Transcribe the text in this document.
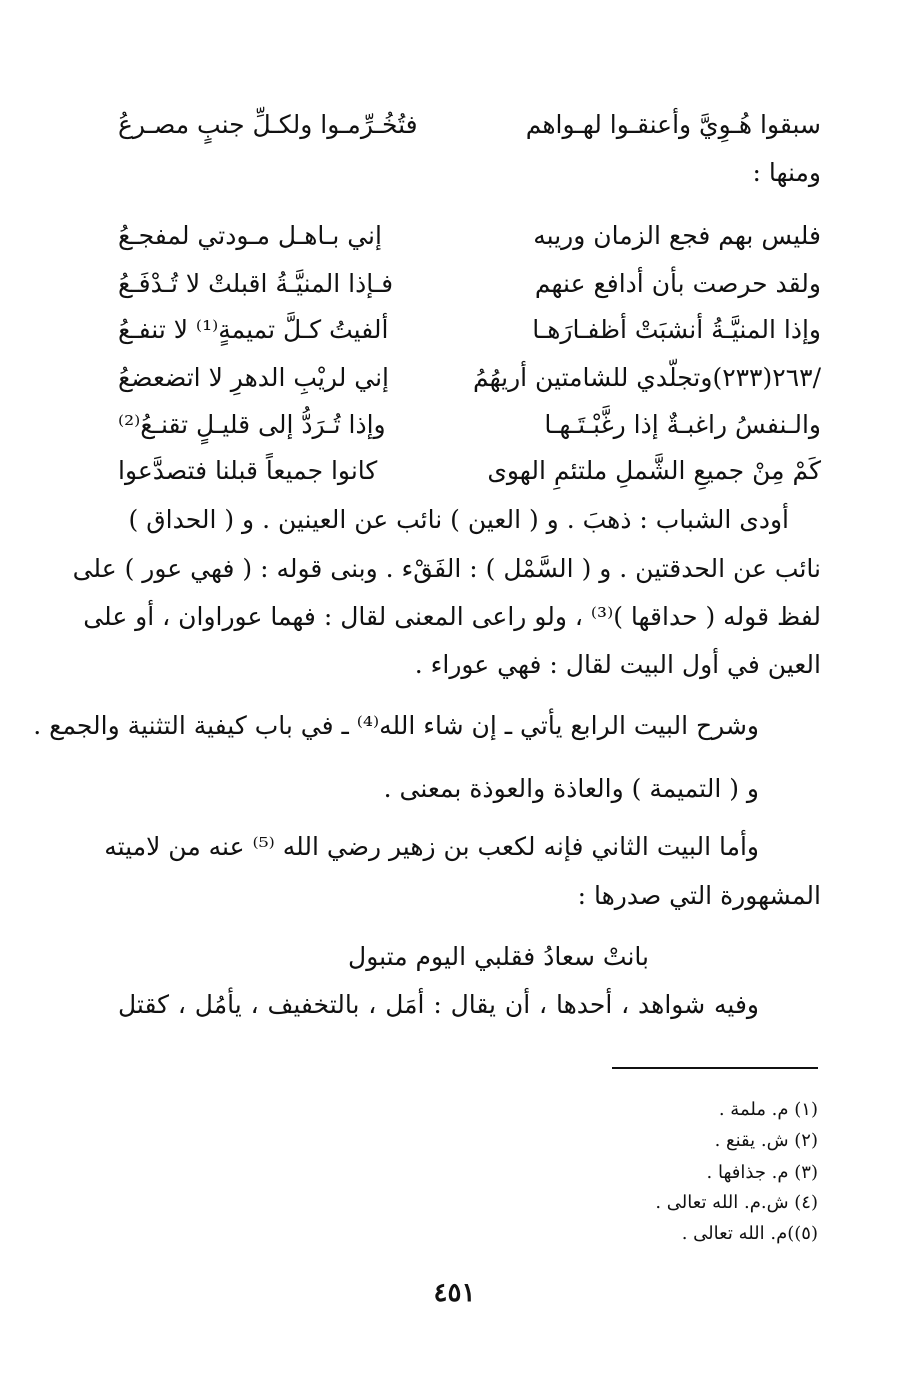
سبقوا هُـوِيَّ وأعنقـوا لهـواهم
فتُخُـرِّمـوا ولكـلِّ جنبٍ مصـرعُ
ومنها :
فليس بهم فجع الزمان وريبه
إني بـاهـل مـودتي لمفجـعُ
ولقد حرصت بأن أدافع عنهم
فـإذا المنيَّـةُ اقبلتْ لا تُـدْفَـعُ
وإذا المنيَّـةُ أنشبَتْ أظفـارَهـا
ألفيتُ كـلَّ تميمةٍ⁽¹⁾ لا تنفـعُ
/٢٦٣(٢٣٣)وتجلّدي للشامتين أريهُمُ
إني لريْبِ الدهرِ لا اتضعضعُ
والـنفسُ راغبـةٌ إذا رغَّبْـتَـهـا
وإذا تُـرَدُّ إلى قليـلٍ تقنـعُ⁽²⁾
كَمْ مِنْ جميعِ الشَّملِ ملتئمِ الهوى
كانوا جميعاً قبلنا فتصدَّعوا
أودى الشباب : ذهبَ . و ( العين ) نائب عن العينين . و ( الحداق )
نائب عن الحدقتين . و ( السَّمْل ) : الفَقْء . وبنى قوله : ( فهي عور ) على
لفظ قوله ( حداقها )⁽³⁾ ، ولو راعى المعنى لقال : فهما عوراوان ، أو على
العين في أول البيت لقال : فهي عوراء .
وشرح البيت الرابع يأتي ـ إن شاء الله⁽⁴⁾ ـ في باب كيفية التثنية والجمع .
و ( التميمة ) والعاذة والعوذة بمعنى .
وأما البيت الثاني فإنه لكعب بن زهير رضي الله ⁽⁵⁾ عنه من لاميته
المشهورة التي صدرها :
بانتْ سعادُ فقلبي اليوم متبول
وفيه شواهد ، أحدها ، أن يقال : أمَل ، بالتخفيف ، يأمُل ، كقتل
(١) م. ملمة .
(٢) ش. يقنع .
(٣) م. جذافها .
(٤) ش.م. الله تعالى .
(٥))م. الله تعالى .
٤٥١
